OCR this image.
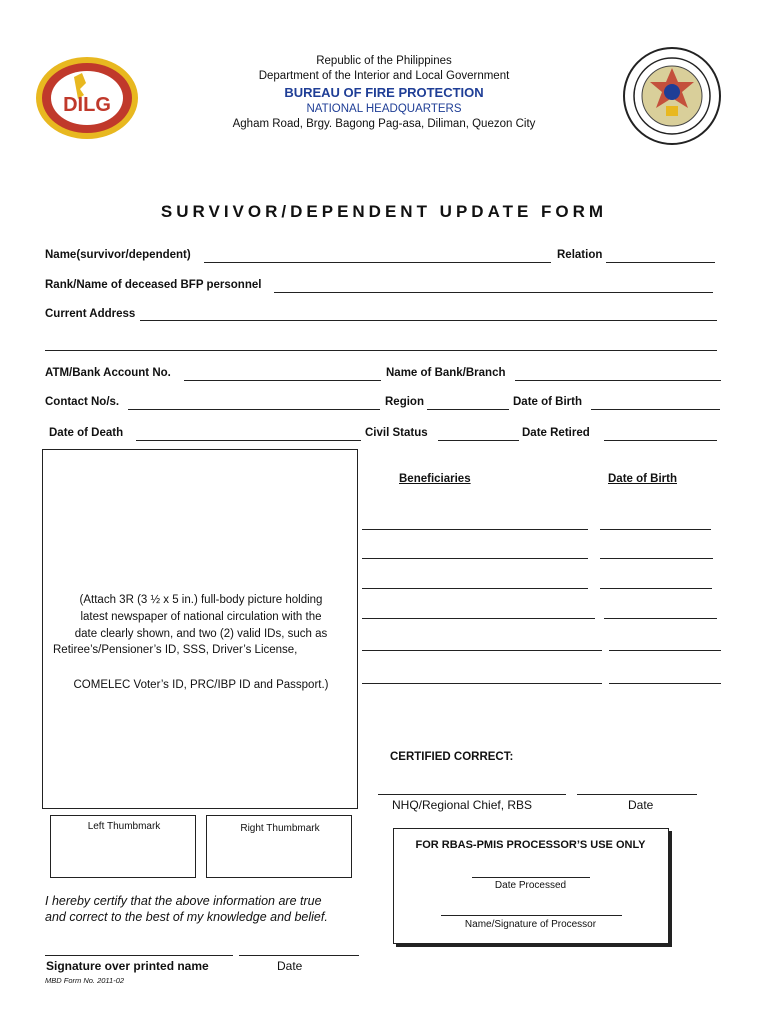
DILG
Republic of the Philippines
Department of the Interior and Local Government
BUREAU OF FIRE PROTECTION
NATIONAL HEADQUARTERS
Agham Road, Brgy. Bagong Pag-asa, Diliman, Quezon City
SURVIVOR/DEPENDENT UPDATE FORM
Name(survivor/dependent)	Relation
Rank/Name of deceased BFP personnel
Current Address
ATM/Bank Account No.	Name of Bank/Branch
Contact No/s.	Region	Date of Birth
Date of Death	Civil Status	Date Retired
(Attach 3R (3 ½ x 5 in.) full-body picture holding
latest newspaper of national circulation with the
date clearly shown, and two (2) valid IDs, such as
Retiree’s/Pensioner’s ID, SSS, Driver’s License,
COMELEC Voter’s ID, PRC/IBP ID and Passport.)
Beneficiaries	Date of Birth
CERTIFIED CORRECT:
NHQ/Regional Chief, RBS	Date
Left Thumbmark	Right Thumbmark
FOR RBAS-PMIS PROCESSOR’S USE ONLY
Date Processed
Name/Signature of Processor
I hereby certify that the above information are true
and correct to the best of my knowledge and belief.
Signature over printed name	Date
MBD Form No. 2011-02
